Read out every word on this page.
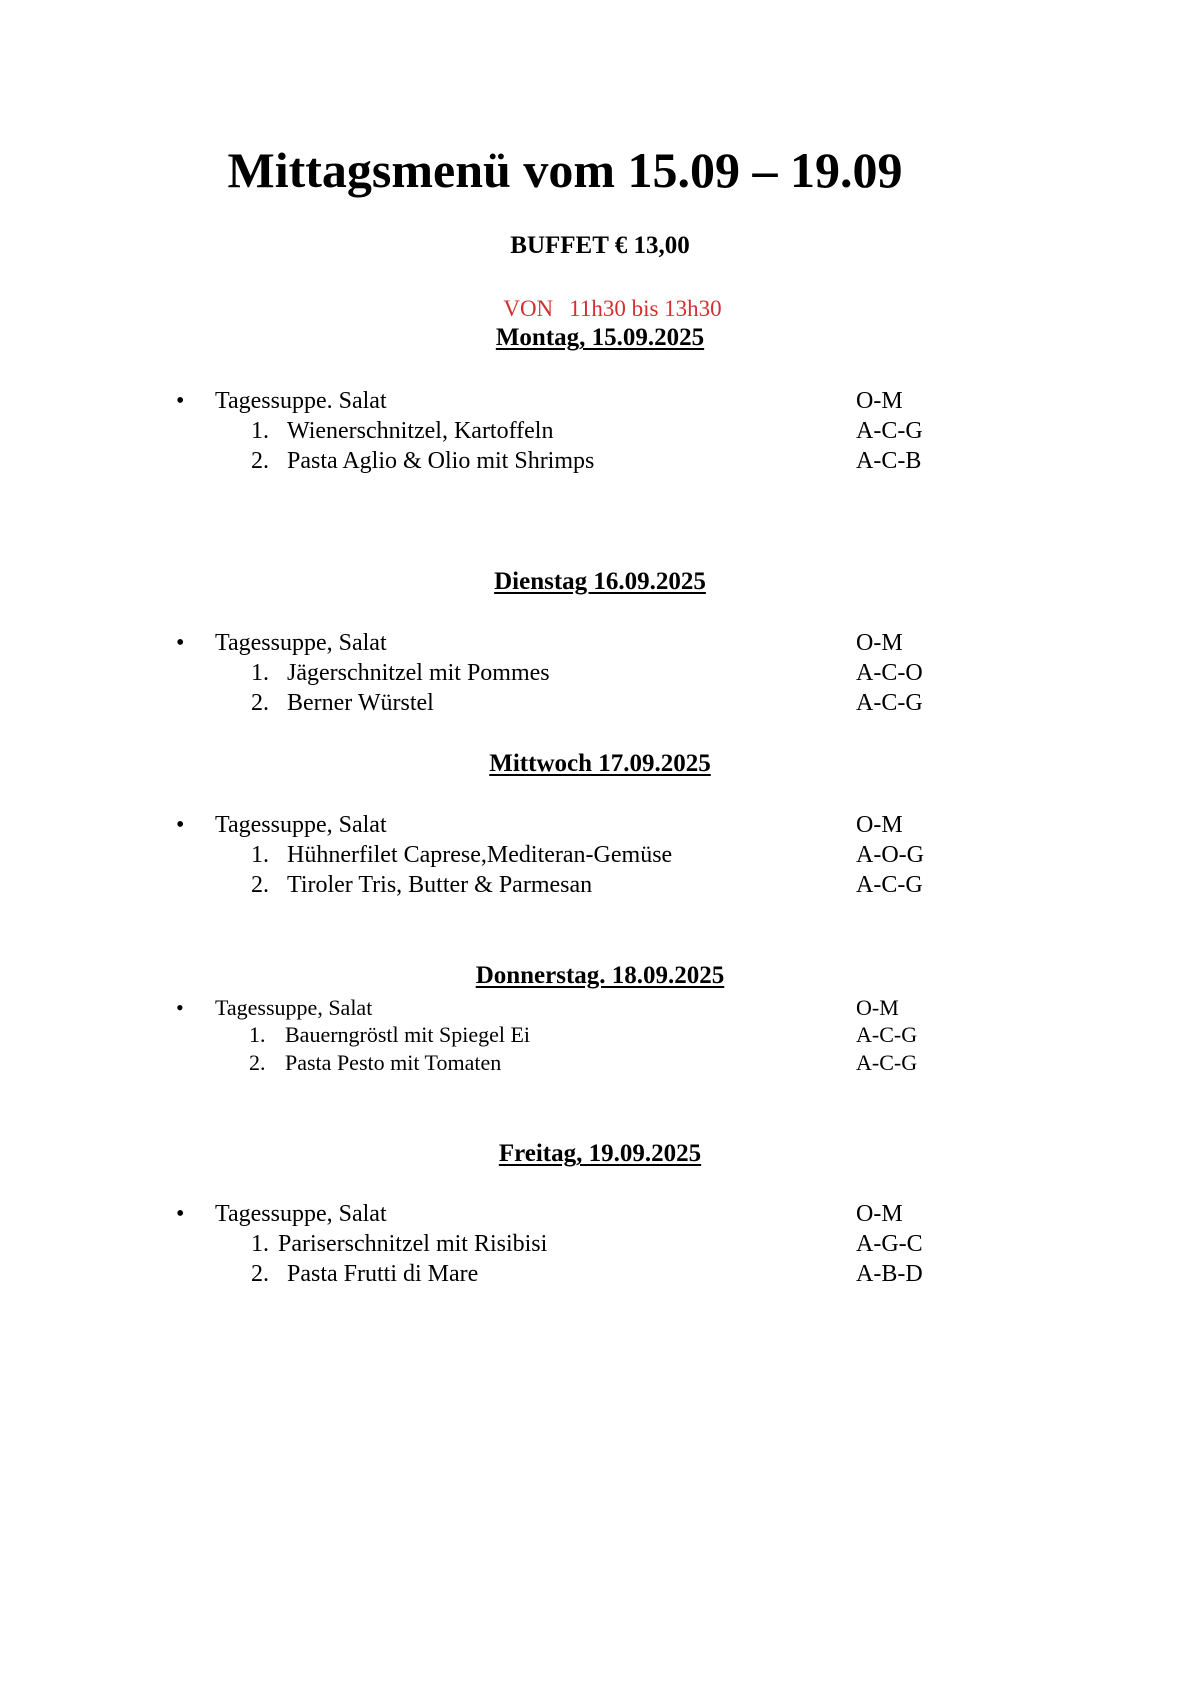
Mittagsmenü vom 15.09 – 19.09
BUFFET € 13,00
VON 11h30 bis 13h30
Montag, 15.09.2025
• Tagessuppe. Salat	O-M
1. Wienerschnitzel, Kartoffeln	A-C-G
2. Pasta Aglio & Olio mit Shrimps	A-C-B
Dienstag 16.09.2025
• Tagessuppe, Salat	O-M
1. Jägerschnitzel mit Pommes	A-C-O
2. Berner Würstel	A-C-G
Mittwoch 17.09.2025
• Tagessuppe, Salat	O-M
1. Hühnerfilet Caprese,Mediteran-Gemüse	A-O-G
2. Tiroler Tris, Butter & Parmesan	A-C-G
Donnerstag. 18.09.2025
• Tagessuppe, Salat	O-M
1. Bauerngröstl mit Spiegel Ei	A-C-G
2. Pasta Pesto mit Tomaten	A-C-G
Freitag, 19.09.2025
• Tagessuppe, Salat	O-M
1. Pariserschnitzel mit Risibisi	A-G-C
2. Pasta Frutti di Mare	A-B-D
